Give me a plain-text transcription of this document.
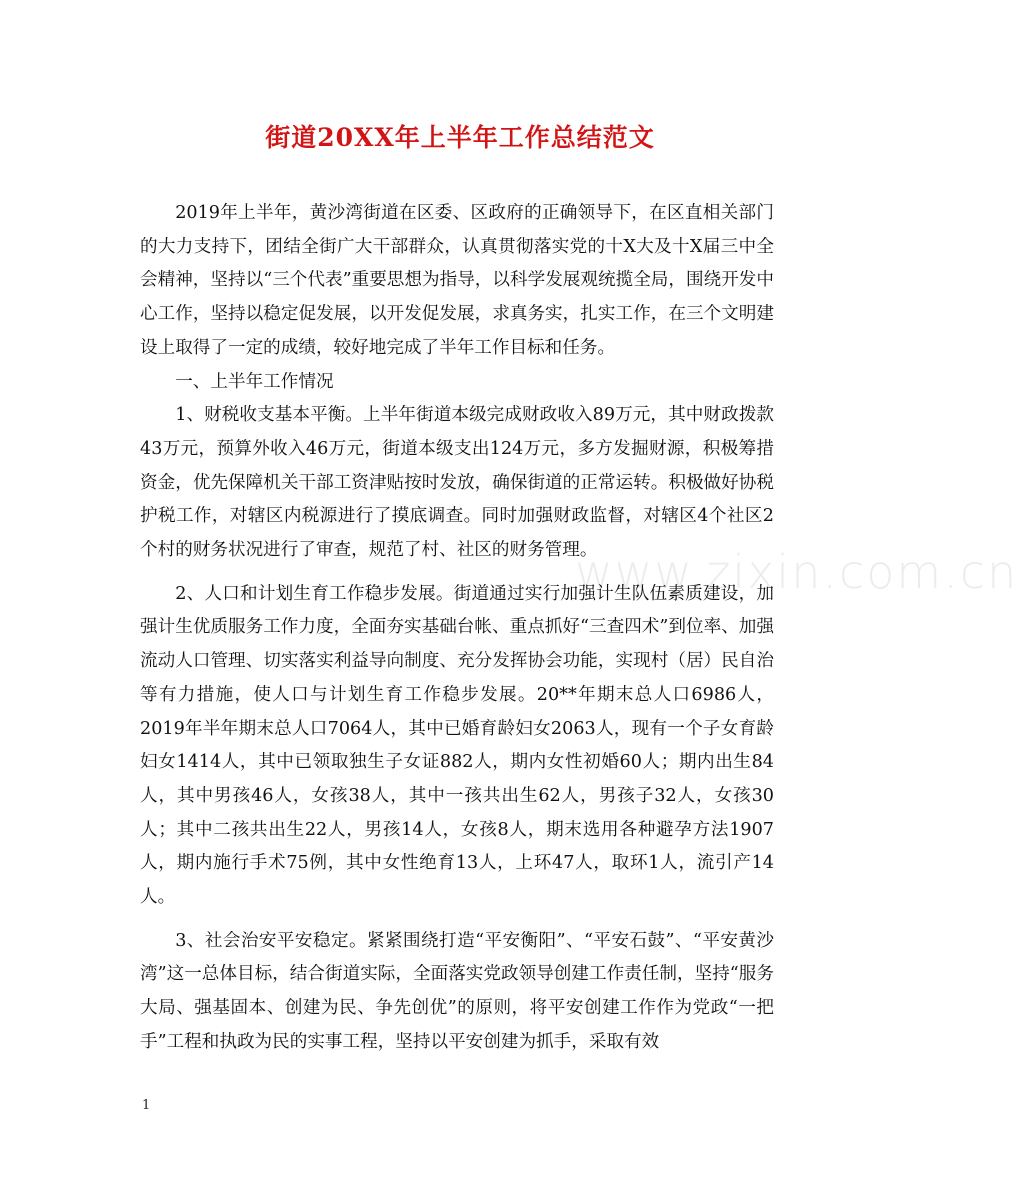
街道20XX年上半年工作总结范文

2019年上半年，黄沙湾街道在区委、区政府的正确领导下，在区直相关部门的大力支持下，团结全街广大干部群众，认真贯彻落实党的十X大及十X届三中全会精神，坚持以“三个代表”重要思想为指导，以科学发展观统揽全局，围绕开发中心工作，坚持以稳定促发展，以开发促发展，求真务实，扎实工作，在三个文明建设上取得了一定的成绩，较好地完成了半年工作目标和任务。

一、上半年工作情况

1、财税收支基本平衡。上半年街道本级完成财政收入89万元，其中财政拨款43万元，预算外收入46万元，街道本级支出124万元，多方发掘财源，积极筹措资金，优先保障机关干部工资津贴按时发放，确保街道的正常运转。积极做好协税护税工作，对辖区内税源进行了摸底调查。同时加强财政监督，对辖区4个社区2个村的财务状况进行了审查，规范了村、社区的财务管理。

2、人口和计划生育工作稳步发展。街道通过实行加强计生队伍素质建设，加强计生优质服务工作力度，全面夯实基础台帐、重点抓好“三查四术”到位率、加强流动人口管理、切实落实利益导向制度、充分发挥协会功能，实现村（居）民自治等有力措施，使人口与计划生育工作稳步发展。20**年期末总人口6986人，2019年半年期末总人口7064人，其中已婚育龄妇女2063人，现有一个子女育龄妇女1414人，其中已领取独生子女证882人，期内女性初婚60人；期内出生84人，其中男孩46人，女孩38人，其中一孩共出生62人，男孩子32人，女孩30人；其中二孩共出生22人，男孩14人，女孩8人，期末选用各种避孕方法1907人，期内施行手术75例，其中女性绝育13人，上环47人，取环1人，流引产14人。

3、社会治安平安稳定。紧紧围绕打造“平安衡阳”、“平安石鼓”、“平安黄沙湾”这一总体目标，结合街道实际，全面落实党政领导创建工作责任制，坚持“服务大局、强基固本、创建为民、争先创优”的原则，将平安创建工作作为党政“一把手”工程和执政为民的实事工程，坚持以平安创建为抓手，采取有效

www.zixin.com.cn
1
